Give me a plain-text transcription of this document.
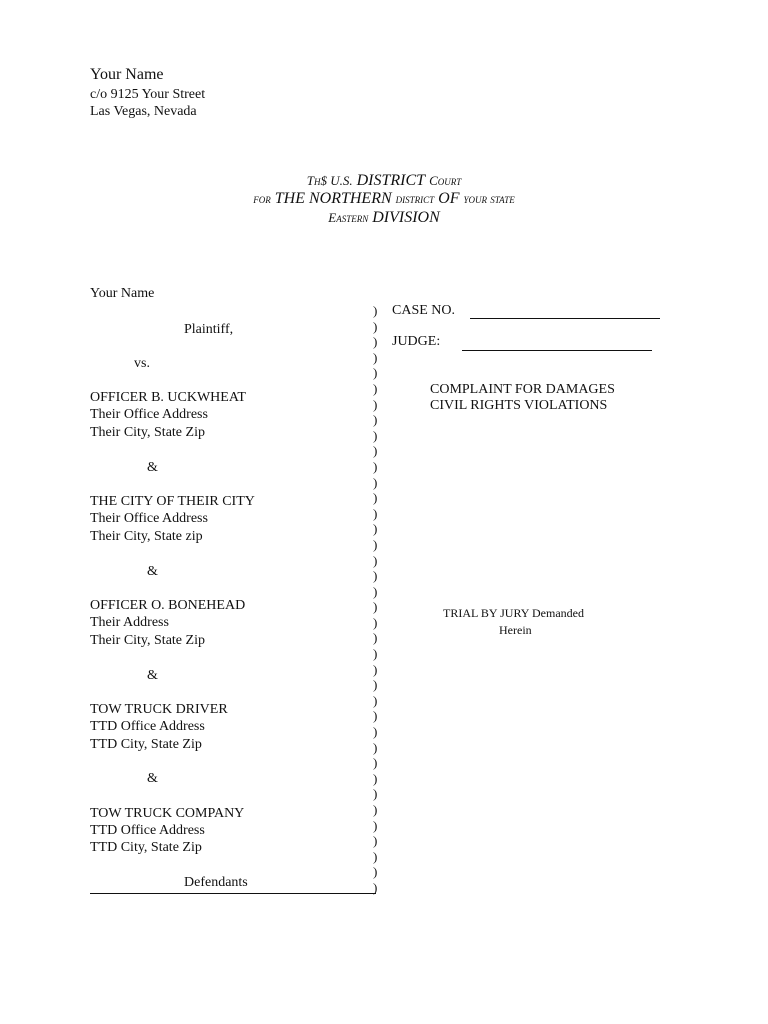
Your Name
c/o 9125 Your Street
Las Vegas, Nevada
Th$ U.S. DISTRICT Court
for THE NORTHERN district OF your state
Eastern DIVISION
Your Name
Plaintiff,
vs.
OFFICER B. UCKWHEAT
Their Office Address
Their City, State Zip
&
THE CITY OF THEIR CITY
Their Office Address
Their City, State zip
&
OFFICER O. BONEHEAD
Their Address
Their City, State Zip
&
TOW TRUCK DRIVER
TTD Office Address
TTD City, State Zip
&
TOW TRUCK COMPANY
TTD Office Address
TTD City, State Zip
Defendants
)
)
)
)
)
)
)
)
)
)
)
)
)
)
)
)
)
)
)
)
)
)
)
)
)
)
)
)
)
)
)
)
)
)
)
)
)
)
CASE NO.
JUDGE:
COMPLAINT FOR DAMAGES
CIVIL RIGHTS VIOLATIONS
TRIAL BY JURY Demanded
Herein
